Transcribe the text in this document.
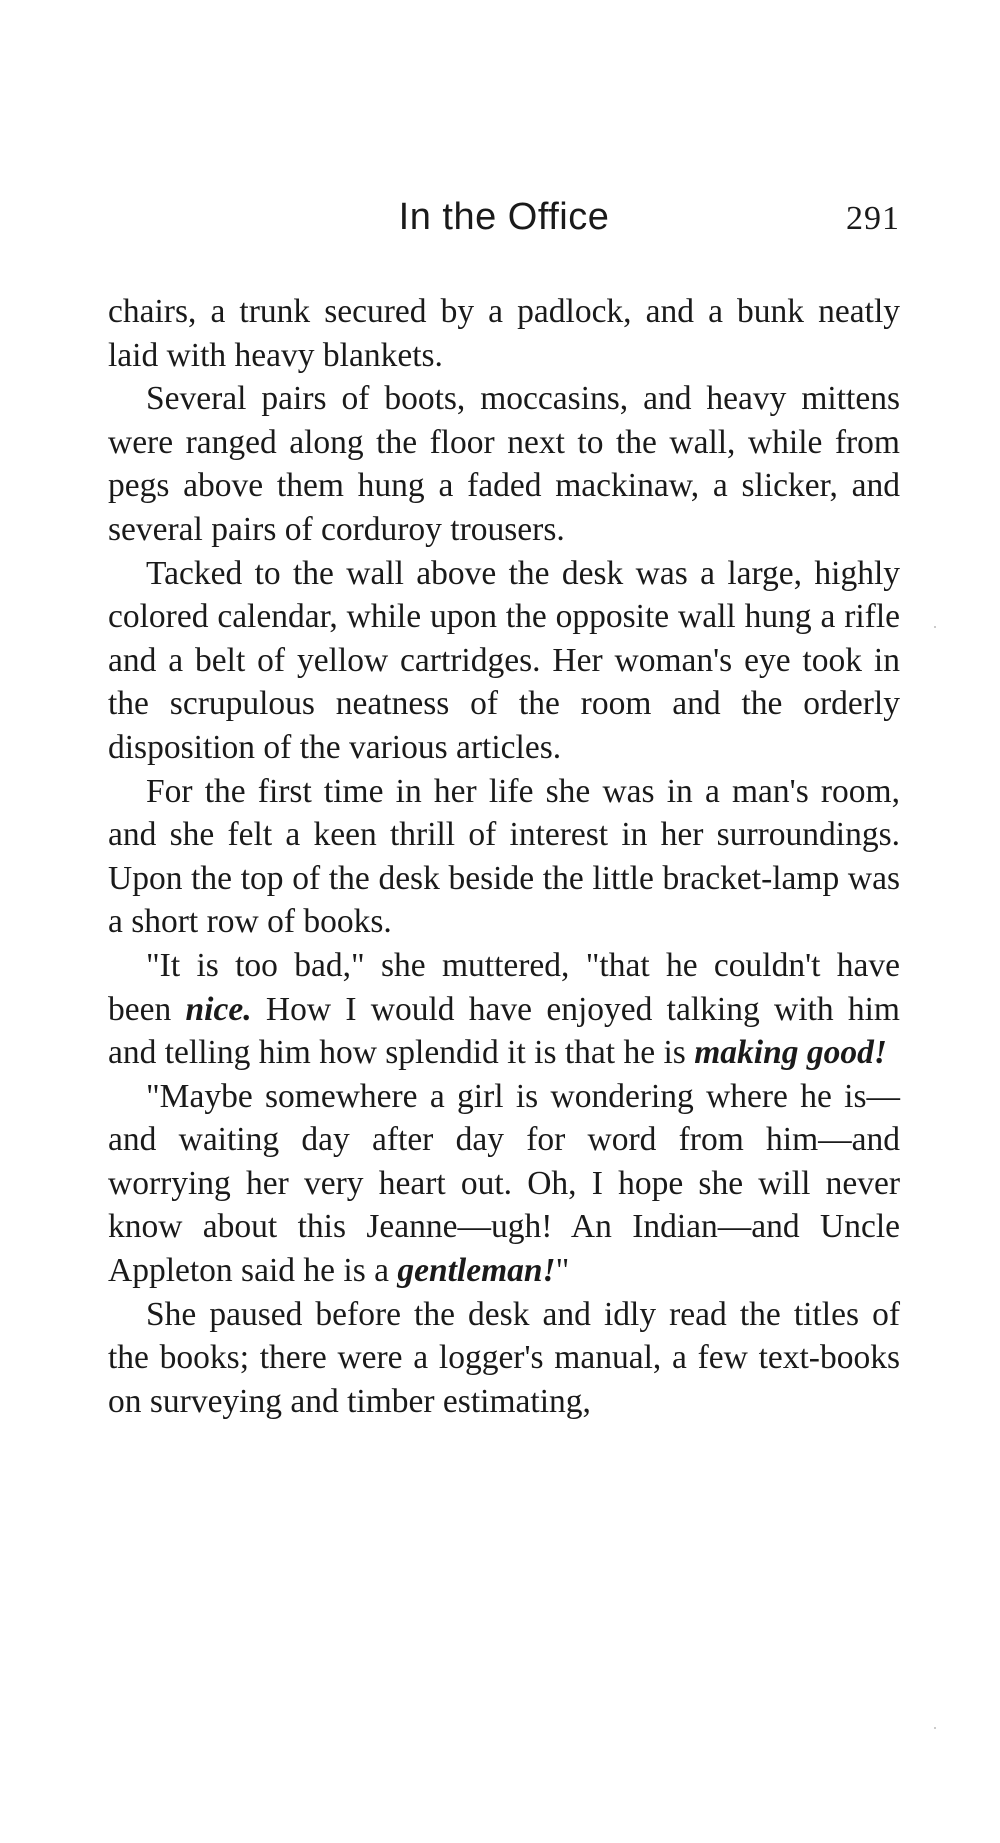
In the Office	291

chairs, a trunk secured by a padlock, and a bunk neatly laid with heavy blankets.

Several pairs of boots, moccasins, and heavy mittens were ranged along the floor next to the wall, while from pegs above them hung a faded mackinaw, a slicker, and several pairs of corduroy trousers.

Tacked to the wall above the desk was a large, highly colored calendar, while upon the opposite wall hung a rifle and a belt of yellow cartridges. Her woman's eye took in the scrupulous neatness of the room and the orderly disposition of the various articles.

For the first time in her life she was in a man's room, and she felt a keen thrill of interest in her surroundings. Upon the top of the desk beside the little bracket-lamp was a short row of books.

"It is too bad," she muttered, "that he couldn't have been nice. How I would have enjoyed talking with him and telling him how splendid it is that he is making good!

"Maybe somewhere a girl is wondering where he is—and waiting day after day for word from him—and worrying her very heart out. Oh, I hope she will never know about this Jeanne—ugh! An Indian—and Uncle Appleton said he is a gentleman!"

She paused before the desk and idly read the titles of the books; there were a logger's manual, a few text-books on surveying and timber estimating,
